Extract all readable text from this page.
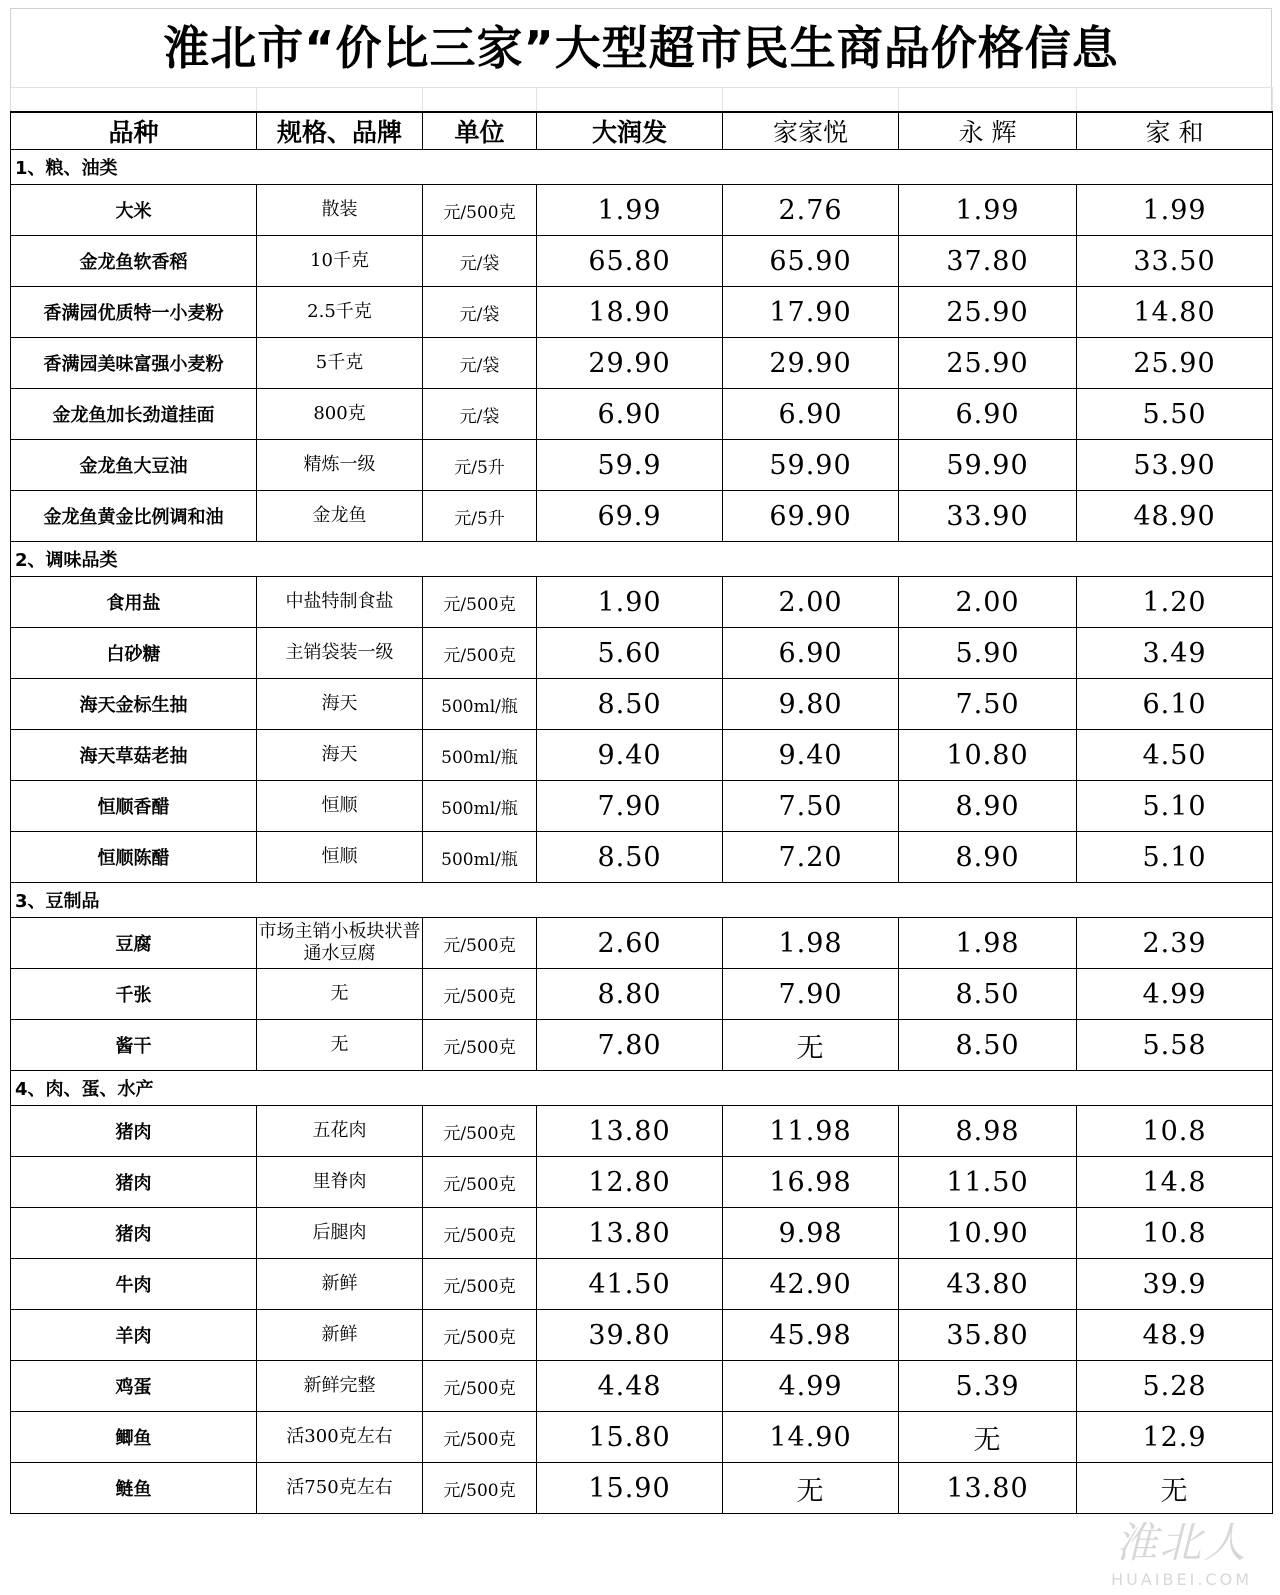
淮北市“价比三家”大型超市民生商品价格信息
品种	规格、品牌	单位	大润发	家家悦	永 辉	家 和
1、粮、油类						
大米	散装	元/500克	1.99	2.76	1.99	1.99
金龙鱼软香稻	10千克	元/袋	65.80	65.90	37.80	33.50
香满园优质特一小麦粉	2.5千克	元/袋	18.90	17.90	25.90	14.80
香满园美味富强小麦粉	5千克	元/袋	29.90	29.90	25.90	25.90
金龙鱼加长劲道挂面	800克	元/袋	6.90	6.90	6.90	5.50
金龙鱼大豆油	精炼一级	元/5升	59.9	59.90	59.90	53.90
金龙鱼黄金比例调和油	金龙鱼	元/5升	69.9	69.90	33.90	48.90
2、调味品类						
食用盐	中盐特制食盐	元/500克	1.90	2.00	2.00	1.20
白砂糖	主销袋装一级	元/500克	5.60	6.90	5.90	3.49
海天金标生抽	海天	500ml/瓶	8.50	9.80	7.50	6.10
海天草菇老抽	海天	500ml/瓶	9.40	9.40	10.80	4.50
恒顺香醋	恒顺	500ml/瓶	7.90	7.50	8.90	5.10
恒顺陈醋	恒顺	500ml/瓶	8.50	7.20	8.90	5.10
3、豆制品						
豆腐	市场主销小板块状普通水豆腐	元/500克	2.60	1.98	1.98	2.39
千张	无	元/500克	8.80	7.90	8.50	4.99
酱干	无	元/500克	7.80	无	8.50	5.58
4、肉、蛋、水产						
猪肉	五花肉	元/500克	13.80	11.98	8.98	10.8
猪肉	里脊肉	元/500克	12.80	16.98	11.50	14.8
猪肉	后腿肉	元/500克	13.80	9.98	10.90	10.8
牛肉	新鲜	元/500克	41.50	42.90	43.80	39.9
羊肉	新鲜	元/500克	39.80	45.98	35.80	48.9
鸡蛋	新鲜完整	元/500克	4.48	4.99	5.39	5.28
鲫鱼	活300克左右	元/500克	15.80	14.90	无	12.9
鲢鱼	活750克左右	元/500克	15.90	无	13.80	无
淮北人
HUAIBEI.COM
